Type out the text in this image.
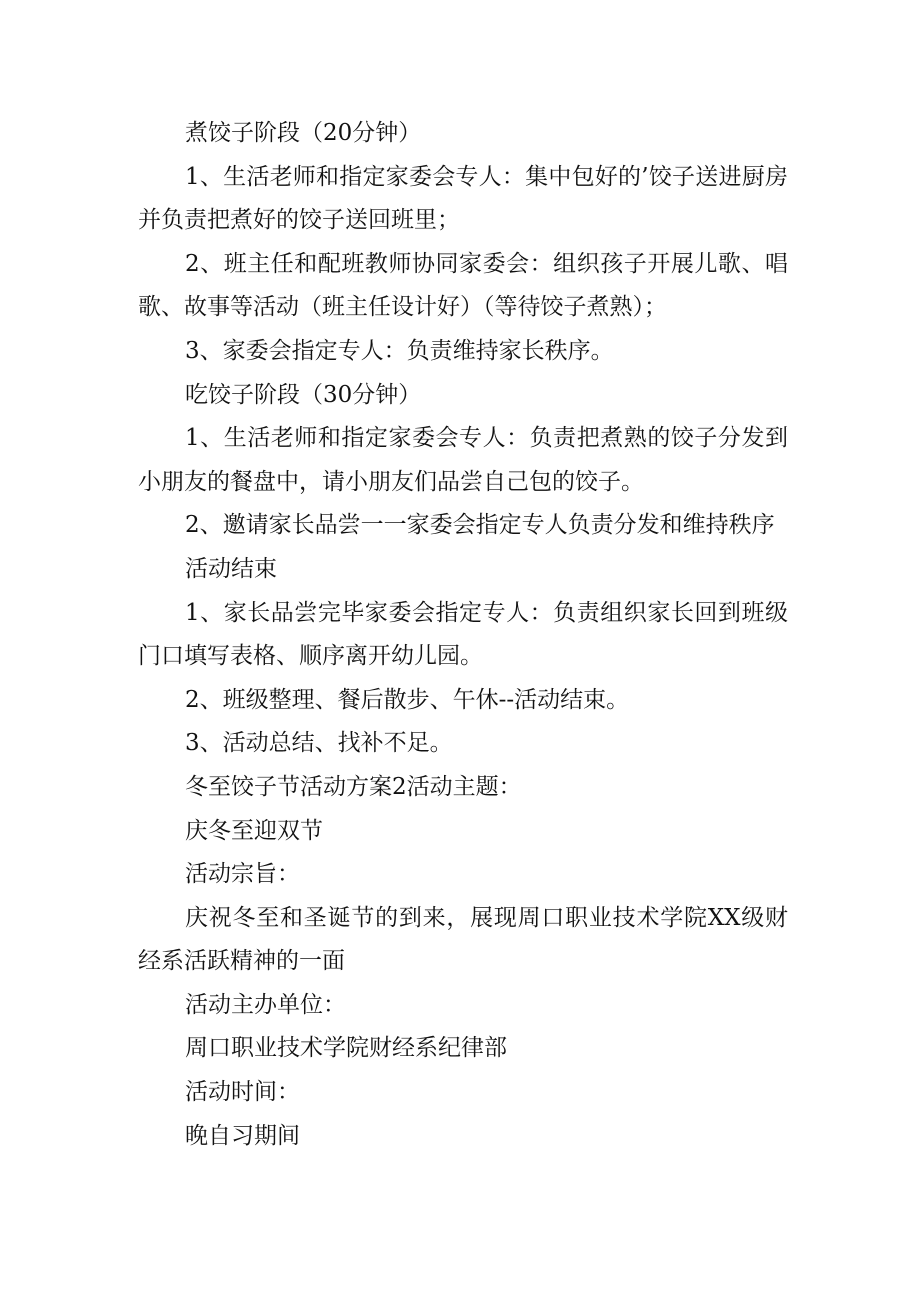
煮饺子阶段（20分钟）

1、生活老师和指定家委会专人：集中包好的’饺子送进厨房并负责把煮好的饺子送回班里；

2、班主任和配班教师协同家委会：组织孩子开展儿歌、唱歌、故事等活动（班主任设计好）（等待饺子煮熟）；

3、家委会指定专人：负责维持家长秩序。

吃饺子阶段（30分钟）

1、生活老师和指定家委会专人：负责把煮熟的饺子分发到小朋友的餐盘中，请小朋友们品尝自己包的饺子。

2、邀请家长品尝一一家委会指定专人负责分发和维持秩序

活动结束

1、家长品尝完毕家委会指定专人：负责组织家长回到班级门口填写表格、顺序离开幼儿园。

2、班级整理、餐后散步、午休--活动结束。

3、活动总结、找补不足。

冬至饺子节活动方案2活动主题：

庆冬至迎双节

活动宗旨：

庆祝冬至和圣诞节的到来，展现周口职业技术学院XX级财经系活跃精神的一面

活动主办单位：

周口职业技术学院财经系纪律部

活动时间：

晚自习期间
